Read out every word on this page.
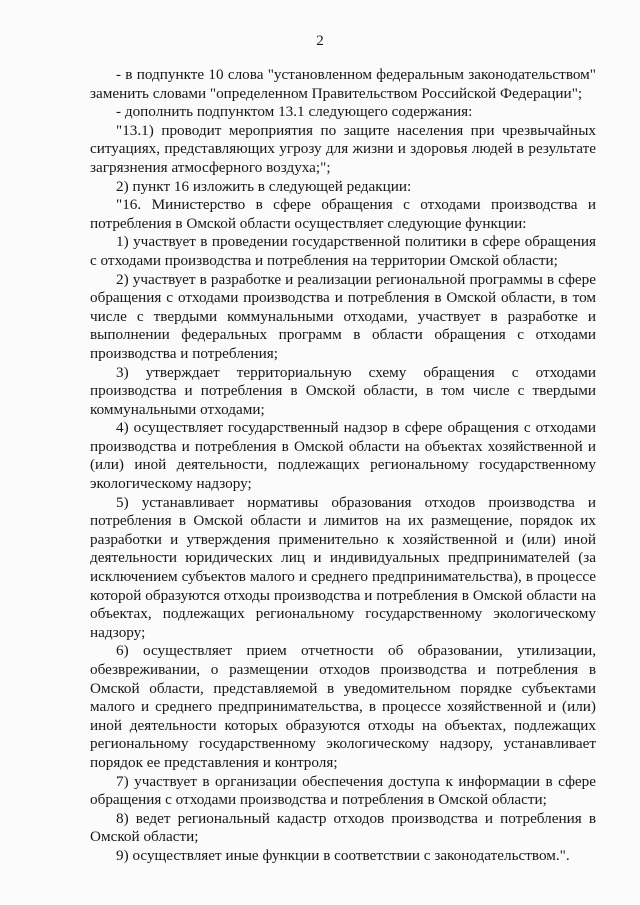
2

- в подпункте 10 слова "установленном федеральным законодательством" заменить словами "определенном Правительством Российской Федерации";

- дополнить подпунктом 13.1 следующего содержания:

"13.1) проводит мероприятия по защите населения при чрезвычайных ситуациях, представляющих угрозу для жизни и здоровья людей в результате загрязнения атмосферного воздуха;";

2) пункт 16 изложить в следующей редакции:

"16. Министерство в сфере обращения с отходами производства и потребления в Омской области осуществляет следующие функции:

1) участвует в проведении государственной политики в сфере обращения с отходами производства и потребления на территории Омской области;

2) участвует в разработке и реализации региональной программы в сфере обращения с отходами производства и потребления в Омской области, в том числе с твердыми коммунальными отходами, участвует в разработке и выполнении федеральных программ в области обращения с отходами производства и потребления;

3) утверждает территориальную схему обращения с отходами производства и потребления в Омской области, в том числе с твердыми коммунальными отходами;

4) осуществляет государственный надзор в сфере обращения с отходами производства и потребления в Омской области на объектах хозяйственной и (или) иной деятельности, подлежащих региональному государственному экологическому надзору;

5) устанавливает нормативы образования отходов производства и потребления в Омской области и лимитов на их размещение, порядок их разработки и утверждения применительно к хозяйственной и (или) иной деятельности юридических лиц и индивидуальных предпринимателей (за исключением субъектов малого и среднего предпринимательства), в процессе которой образуются отходы производства и потребления в Омской области на объектах, подлежащих региональному государственному экологическому надзору;

6) осуществляет прием отчетности об образовании, утилизации, обезвреживании, о размещении отходов производства и потребления в Омской области, представляемой в уведомительном порядке субъектами малого и среднего предпринимательства, в процессе хозяйственной и (или) иной деятельности которых образуются отходы на объектах, подлежащих региональному государственному экологическому надзору, устанавливает порядок ее представления и контроля;

7) участвует в организации обеспечения доступа к информации в сфере обращения с отходами производства и потребления в Омской области;

8) ведет региональный кадастр отходов производства и потребления в Омской области;

9) осуществляет иные функции в соответствии с законодательством.".
